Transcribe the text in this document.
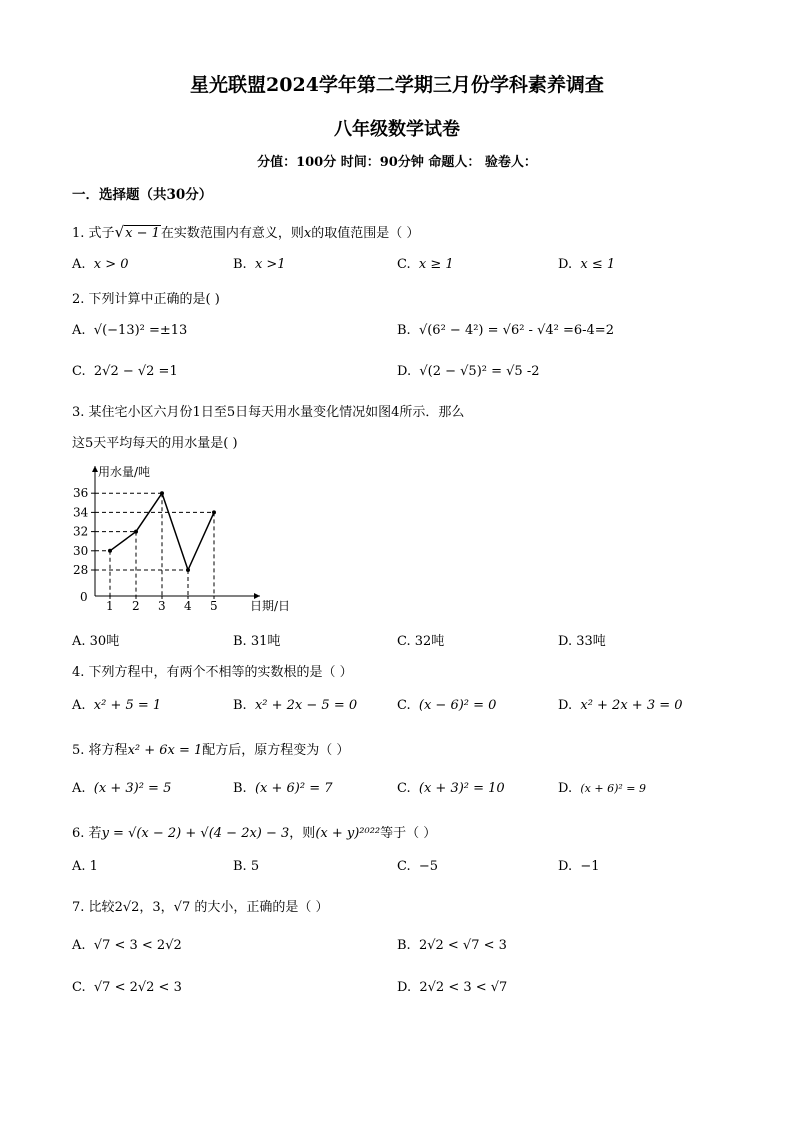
星光联盟2024学年第二学期三月份学科素养调查
八年级数学试卷
分值：100分 时间：90分钟 命题人： 验卷人：
一．选择题（共30分）
1. 式子√x − 1在实数范围内有意义，则x的取值范围是（ ）
A. x > 0	B. x >1	C. x ≥ 1	D. x ≤ 1
2. 下列计算中正确的是( )
A. √(−13)² =±13	B. √(6² − 4²) = √6² - √4² =6-4=2
C. 2√2 − √2 =1	D. √(2 − √5)² = √5 -2
3. 某住宅小区六月份1日至5日每天用水量变化情况如图4所示．那么
这5天平均每天的用水量是( )
用水量/吨
日期/日
0
28
30
32
34
36
1 2 3 4 5
A. 30吨	B. 31吨	C. 32吨	D. 33吨
4. 下列方程中，有两个不相等的实数根的是（ ）
A. x² + 5 = 1	B. x² + 2x − 5 = 0	C. (x − 6)² = 0	D. x² + 2x + 3 = 0
5. 将方程x² + 6x = 1配方后，原方程变为（ ）
A. (x + 3)² = 5	B. (x + 6)² = 7	C. (x + 3)² = 10	D. (x + 6)² = 9
6. 若y = √(x − 2) + √(4 − 2x) − 3，则(x + y)²⁰²²等于（ ）
A. 1	B. 5	C. −5	D. −1
7. 比较2√2，3，√7 的大小，正确的是（ ）
A. √7 < 3 < 2√2	B. 2√2 < √7 < 3
C. √7 < 2√2 < 3	D. 2√2 < 3 < √7
